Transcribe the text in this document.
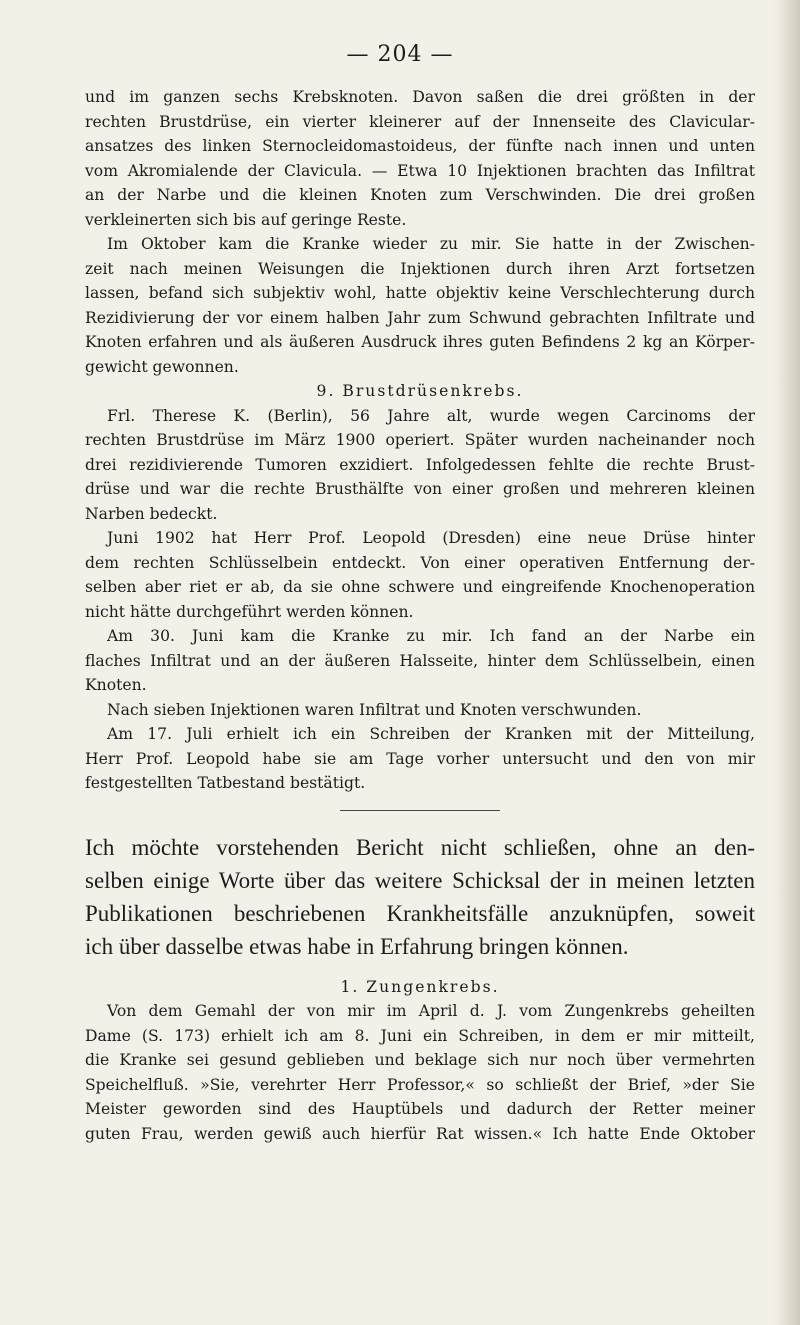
— 204 —
und im ganzen sechs Krebsknoten. Davon saßen die drei größten in der
rechten Brustdrüse, ein vierter kleinerer auf der Innenseite des Clavicular-
ansatzes des linken Sternocleidomastoideus, der fünfte nach innen und unten
vom Akromialende der Clavicula. — Etwa 10 Injektionen brachten das Infiltrat
an der Narbe und die kleinen Knoten zum Verschwinden. Die drei großen
verkleinerten sich bis auf geringe Reste.
Im Oktober kam die Kranke wieder zu mir. Sie hatte in der Zwischen-
zeit nach meinen Weisungen die Injektionen durch ihren Arzt fortsetzen
lassen, befand sich subjektiv wohl, hatte objektiv keine Verschlechterung durch
Rezidivierung der vor einem halben Jahr zum Schwund gebrachten Infiltrate und
Knoten erfahren und als äußeren Ausdruck ihres guten Befindens 2 kg an Körper-
gewicht gewonnen.
9. Brustdrüsenkrebs.
Frl. Therese K. (Berlin), 56 Jahre alt, wurde wegen Carcinoms der
rechten Brustdrüse im März 1900 operiert. Später wurden nacheinander noch
drei rezidivierende Tumoren exzidiert. Infolgedessen fehlte die rechte Brust-
drüse und war die rechte Brusthälfte von einer großen und mehreren kleinen
Narben bedeckt.
Juni 1902 hat Herr Prof. Leopold (Dresden) eine neue Drüse hinter
dem rechten Schlüsselbein entdeckt. Von einer operativen Entfernung der-
selben aber riet er ab, da sie ohne schwere und eingreifende Knochenoperation
nicht hätte durchgeführt werden können.
Am 30. Juni kam die Kranke zu mir. Ich fand an der Narbe ein
flaches Infiltrat und an der äußeren Halsseite, hinter dem Schlüsselbein, einen
Knoten.
Nach sieben Injektionen waren Infiltrat und Knoten verschwunden.
Am 17. Juli erhielt ich ein Schreiben der Kranken mit der Mitteilung,
Herr Prof. Leopold habe sie am Tage vorher untersucht und den von mir
festgestellten Tatbestand bestätigt.
Ich möchte vorstehenden Bericht nicht schließen, ohne an den-
selben einige Worte über das weitere Schicksal der in meinen letzten
Publikationen beschriebenen Krankheitsfälle anzuknüpfen, soweit
ich über dasselbe etwas habe in Erfahrung bringen können.
1. Zungenkrebs.
Von dem Gemahl der von mir im April d. J. vom Zungenkrebs geheilten
Dame (S. 173) erhielt ich am 8. Juni ein Schreiben, in dem er mir mitteilt,
die Kranke sei gesund geblieben und beklage sich nur noch über vermehrten
Speichelfluß. »Sie, verehrter Herr Professor,« so schließt der Brief, »der Sie
Meister geworden sind des Hauptübels und dadurch der Retter meiner
guten Frau, werden gewiß auch hierfür Rat wissen.« Ich hatte Ende Oktober
